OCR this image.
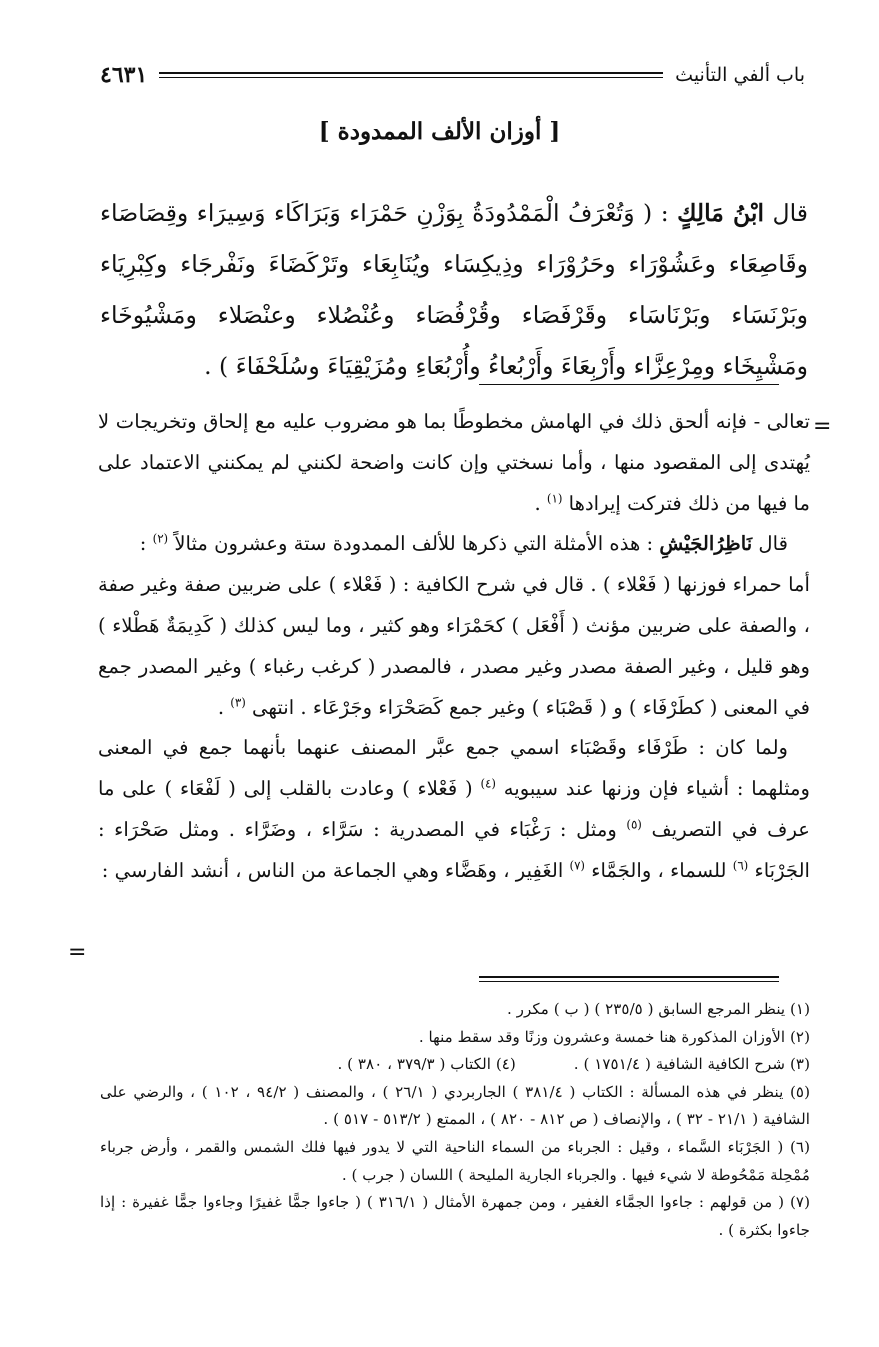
باب ألفي التأنيث
٤٦٣١
[ أوزان الألف الممدودة ]
قال ابْنُ مَالِكٍ : ( وَتُعْرَفُ الْمَمْدُودَةُ بِوَزْنِ حَمْرَاء وَبَرَاكَاء وَسِيرَاء وقِصَاصَاء وقَاصِعَاء وعَشُوْرَاء وحَرُوْرَاء وذِيكِسَاء ويُنَابِعَاء وتَرْكَضَاءَ ونَفْرجَاء وكِبْرِيَاء وبَرْنَسَاء وبَرْنَاسَاء وقَرْفَصَاء وقُرْفُصَاء وعُنْصُلاء وعنْصَلاء ومَشْيُوخَاء ومَشْيِخَاء ومِرْعِزَّاء وأَرْبِعَاءَ وأَرْبُعاءُ وأُرْبُعَاءِ ومُزَيْقِيَاءَ وسُلَحْفَاءَ ) .
=

تعالى - فإنه ألحق ذلك في الهامش مخطوطًا بما هو مضروب عليه مع إلحاق وتخريجات لا يُهتدى إلى المقصود منها ، وأما نسختي وإن كانت واضحة لكنني لم يمكنني الاعتماد على ما فيها من ذلك فتركت إيرادها $^{(١)}$ .

قال نَاظِرُالجَيْشِ : هذه الأمثلة التي ذكرها للألف الممدودة ستة وعشرون مثالاً $^{(٢)}$ :

أما حمراء فوزنها ( فَعْلاء ) . قال في شرح الكافية : ( فَعْلاء ) على ضربين صفة وغير صفة ، والصفة على ضربين مؤنث ( أَفْعَل ) كحَمْرَاء وهو كثير ، وما ليس كذلك ( كَدِيمَةٌ هَطْلاء ) وهو قليل ، وغير الصفة مصدر وغير مصدر ، فالمصدر ( كرغب رغباء ) وغير المصدر جمع في المعنى ( كطَرْفَاء ) و ( قَصْبَاء ) وغير جمع كَصَحْرَاء وجَرْعَاء . انتهى $^{(٣)}$ .

ولما كان : طَرْفَاء وقَصْبَاء اسمي جمع عبَّر المصنف عنهما بأنهما جمع في المعنى ومثلهما : أشياء فإن وزنها عند سيبويه $^{(٤)}$ ( فَعْلاء ) وعادت بالقلب إلى ( لَفْعَاء ) على ما عرف في التصريف $^{(٥)}$ ومثل : رَغْبَاء في المصدرية : سَرَّاء ، وضَرَّاء . ومثل صَحْرَاء : الجَرْبَاء $^{(٦)}$ للسماء ، والجَمَّاء $^{(٧)}$ الغَفِير ، وهَضَّاء وهي الجماعة من الناس ، أنشد الفارسي :

=

(١) ينظر المرجع السابق ( ٢٣٥/٥ ) ( ب ) مكرر .

(٢) الأوزان المذكورة هنا خمسة وعشرون وزنًا وقد سقط منها .

(٣) شرح الكافية الشافية ( ١٧٥١/٤ ) .            (٤) الكتاب ( ٣٧٩/٣ ، ٣٨٠ ) .

(٥) ينظر في هذه المسألة : الكتاب ( ٣٨١/٤ ) الجاربردي ( ٢٦/١ ) ، والمصنف ( ٩٤/٢ ، ١٠٢ ) ، والرضي على الشافية ( ٢١/١ - ٣٢ ) ، والإنصاف ( ص ٨١٢ - ٨٢٠ ) ، الممتع ( ٥١٣/٢ - ٥١٧ ) .

(٦) ( الجَرْبَاء السَّماء ، وقيل : الجرباء من السماء الناحية التي لا يدور فيها فلك الشمس والقمر ، وأرض جرباء مُمْحِلة مَمْحُوطة لا شيء فيها . والجرباء الجارية المليحة ) اللسان ( جرب ) .

(٧) ( من قولهم : جاءوا الجمَّاء الغفير ، ومن جمهرة الأمثال ( ٣١٦/١ ) ( جاءوا جمًّا غفيرًا وجاءوا جمًّا غفيرة : إذا جاءوا بكثرة ) .
